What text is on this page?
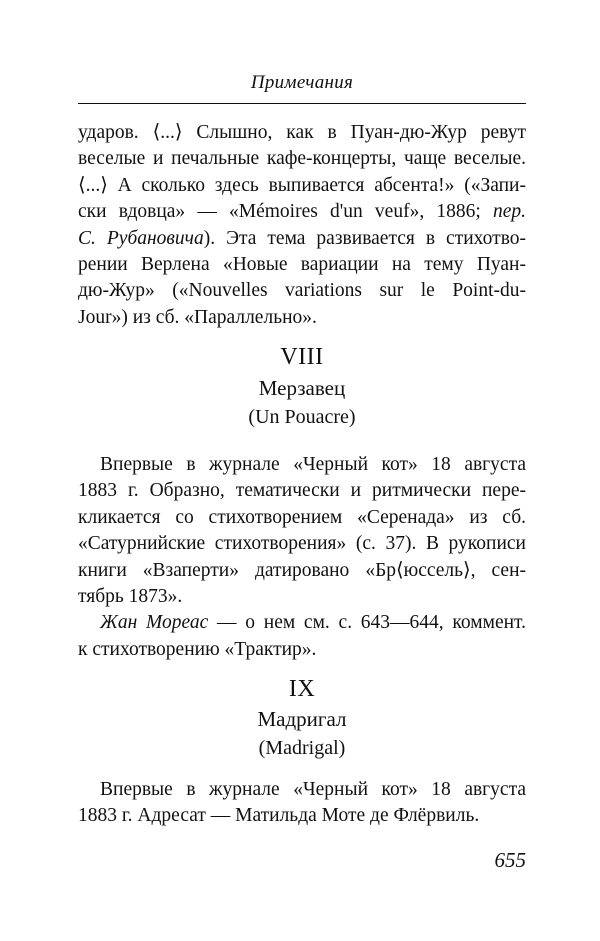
Примечания
ударов. ⟨...⟩ Слышно, как в Пуан-дю-Жур ревут
веселые и печальные кафе-концерты, чаще веселые.
⟨...⟩ А сколько здесь выпивается абсента!» («Запи-
ски вдовца» — «Mémoires d'un veuf», 1886; пер.
С. Рубановича). Эта тема развивается в стихотво-
рении Верлена «Новые вариации на тему Пуан-
дю-Жур» («Nouvelles variations sur le Point-du-
Jour») из сб. «Параллельно».
VIII
Мерзавец
(Un Pouacre)
Впервые в журнале «Черный кот» 18 августа
1883 г. Образно, тематически и ритмически пере-
кликается со стихотворением «Серенада» из сб.
«Сатурнийские стихотворения» (с. 37). В рукописи
книги «Взаперти» датировано «Бр⟨юссель⟩, сен-
тябрь 1873».
Жан Мореас — о нем см. с. 643—644, коммент.
к стихотворению «Трактир».
IX
Мадригал
(Madrigal)
Впервые в журнале «Черный кот» 18 августа
1883 г. Адресат — Матильда Моте де Флёрвиль.
655
